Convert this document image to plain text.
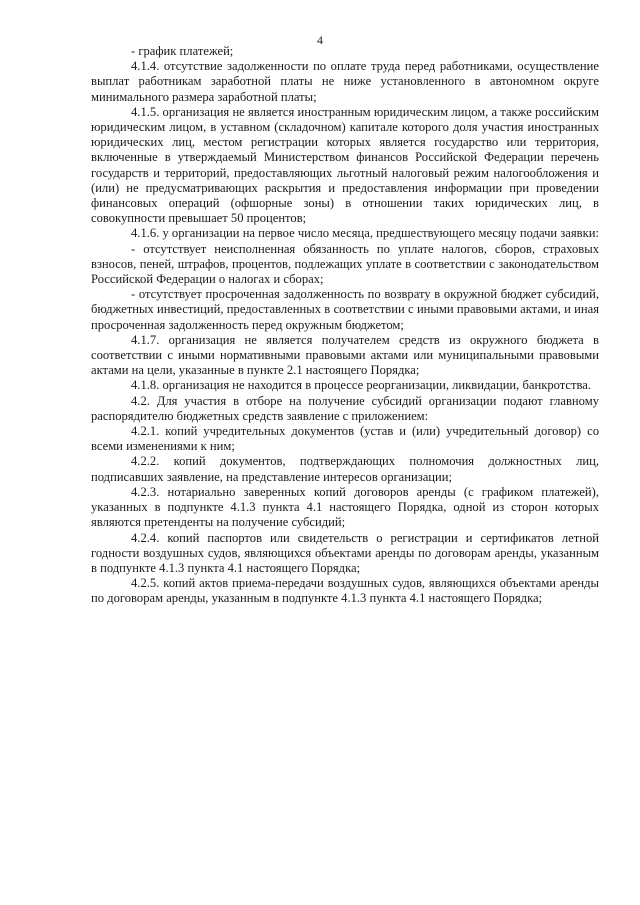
4

- график платежей;

4.1.4. отсутствие задолженности по оплате труда перед работниками, осуществление выплат работникам заработной платы не ниже установленного в автономном округе минимального размера заработной платы;

4.1.5. организация не является иностранным юридическим лицом, а также российским юридическим лицом, в уставном (складочном) капитале которого доля участия иностранных юридических лиц, местом регистрации которых является государство или территория, включенные в утверждаемый Министерством финансов Российской Федерации перечень государств и территорий, предоставляющих льготный налоговый режим налогообложения и (или) не предусматривающих раскрытия и предоставления информации при проведении финансовых операций (офшорные зоны) в отношении таких юридических лиц, в совокупности превышает 50 процентов;

4.1.6. у организации на первое число месяца, предшествующего месяцу подачи заявки:

- отсутствует неисполненная обязанность по уплате налогов, сборов, страховых взносов, пеней, штрафов, процентов, подлежащих уплате в соответствии с законодательством Российской Федерации о налогах и сборах;

- отсутствует просроченная задолженность по возврату в окружной бюджет субсидий, бюджетных инвестиций, предоставленных в соответствии с иными правовыми актами, и иная просроченная задолженность перед окружным бюджетом;

4.1.7. организация не является получателем средств из окружного бюджета в соответствии с иными нормативными правовыми актами или муниципальными правовыми актами на цели, указанные в пункте 2.1 настоящего Порядка;

4.1.8. организация не находится в процессе реорганизации, ликвидации, банкротства.

4.2. Для участия в отборе на получение субсидий организации подают главному распорядителю бюджетных средств заявление с приложением:

4.2.1. копий учредительных документов (устав и (или) учредительный договор) со всеми изменениями к ним;

4.2.2. копий документов, подтверждающих полномочия должностных лиц, подписавших заявление, на представление интересов организации;

4.2.3. нотариально заверенных копий договоров аренды (с графиком платежей), указанных в подпункте 4.1.3 пункта 4.1 настоящего Порядка, одной из сторон которых являются претенденты на получение субсидий;

4.2.4. копий паспортов или свидетельств о регистрации и сертификатов летной годности воздушных судов, являющихся объектами аренды по договорам аренды, указанным в подпункте 4.1.3 пункта 4.1 настоящего Порядка;

4.2.5. копий актов приема-передачи воздушных судов, являющихся объектами аренды по договорам аренды, указанным в подпункте 4.1.3 пункта 4.1 настоящего Порядка;
